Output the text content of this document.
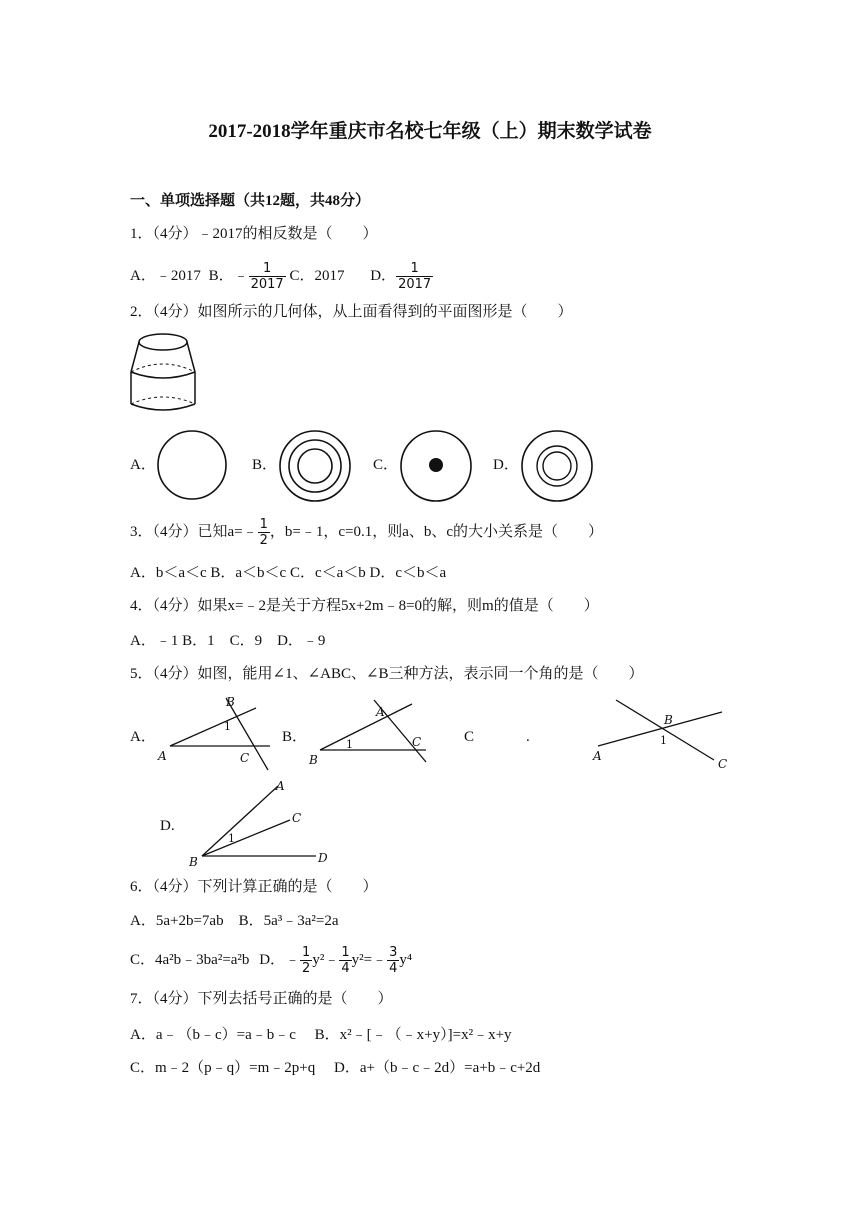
2017-2018学年重庆市名校七年级（上）期末数学试卷
一、单项选择题（共12题，共48分）
1．（4分）﹣2017的相反数是（　　）
A．﹣2017 B．﹣ $\frac{1}{2017}$ C．2017 D． $\frac{1}{2017}$
2．（4分）如图所示的几何体，从上面看得到的平面图形是（　　）
A．	B．	C．	D．
3．（4分）已知a=﹣ $\frac{1}{2}$ ，b=﹣1，c=0.1，则a、b、c的大小关系是（　　）
A．b＜a＜c B．a＜b＜c C．c＜a＜b D．c＜b＜a
4．（4分）如果x=﹣2是关于方程5x+2m﹣8=0的解，则m的值是（　　）
A．﹣1 B．1　C．9　D．﹣9
5．（4分）如图，能用∠1、∠ABC、∠B三种方法，表示同一个角的是（　　）
A．
B
1
A	C
B．
A
1
B
C	C	.
B
1
A
C
D.
A
C
1
B	D
6．（4分）下列计算正确的是（　　）
A．5a+2b=7ab　B．5a³﹣3a²=2a
C．4a²b﹣3ba²=a²b D．﹣ $\frac{1}{2}$ y²﹣ $\frac{1}{4}$ y²=﹣ $\frac{3}{4} y^4$
7．（4分）下列去括号正确的是（　　）
A．a﹣（b﹣c）=a﹣b﹣c　 B．x²﹣[﹣（﹣x+y）]=x²﹣x+y
C．m﹣2（p﹣q）=m﹣2p+q　 D．a+（b﹣c﹣2d）=a+b﹣c+2d
